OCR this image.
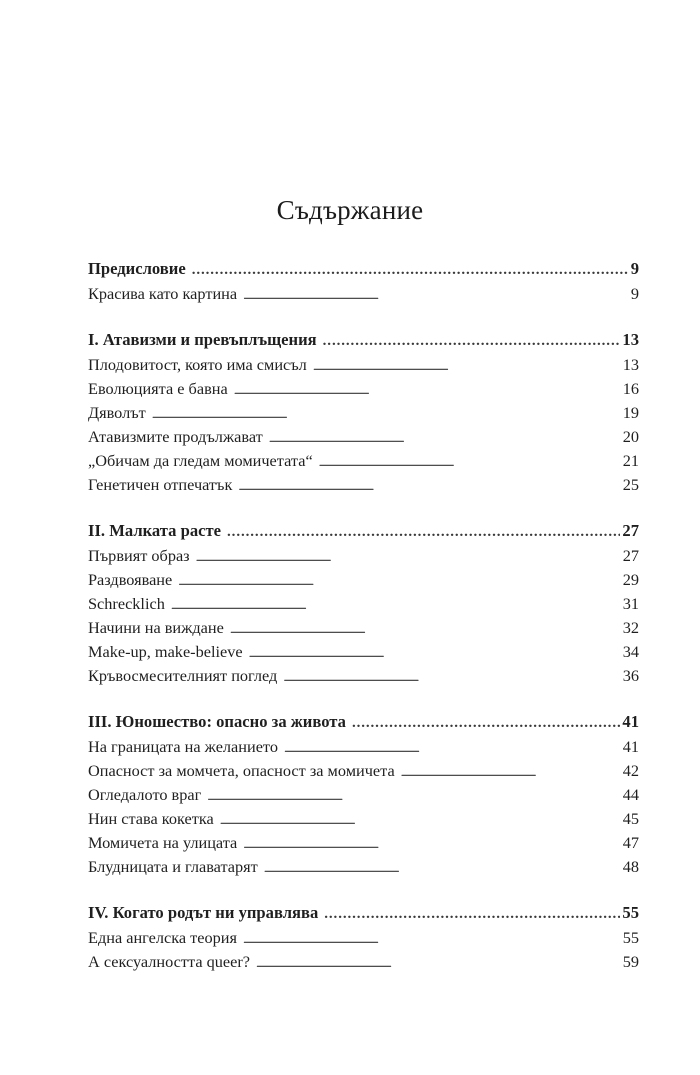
Съдържание
Предисловие .....	9
Красива като картина . . .	9
I. Атавизми и превъплъщения .....	13
Плодовитост, която има смисъл . . .	13
Еволюцията е бавна . . .	16
Дяволът . . .	19
Атавизмите продължават . . .	20
„Обичам да гледам момичетата“ . . .	21
Генетичен отпечатък . . .	25
II. Малката расте .....	27
Първият образ . . .	27
Раздвояване . . .	29
Schrecklich . . .	31
Начини на виждане . . .	32
Make-up, make-believe . . .	34
Кръвосмесителният поглед . . .	36
III. Юношество: опасно за живота .....	41
На границата на желанието . . .	41
Опасност за момчета, опасност за момичета . . .	42
Огледалото враг . . .	44
Нин става кокетка . . .	45
Момичета на улицата . . .	47
Блудницата и главатарят . . .	48
IV. Когато родът ни управлява .....	55
Една ангелска теория . . .	55
А сексуалността queer? . . .	59
